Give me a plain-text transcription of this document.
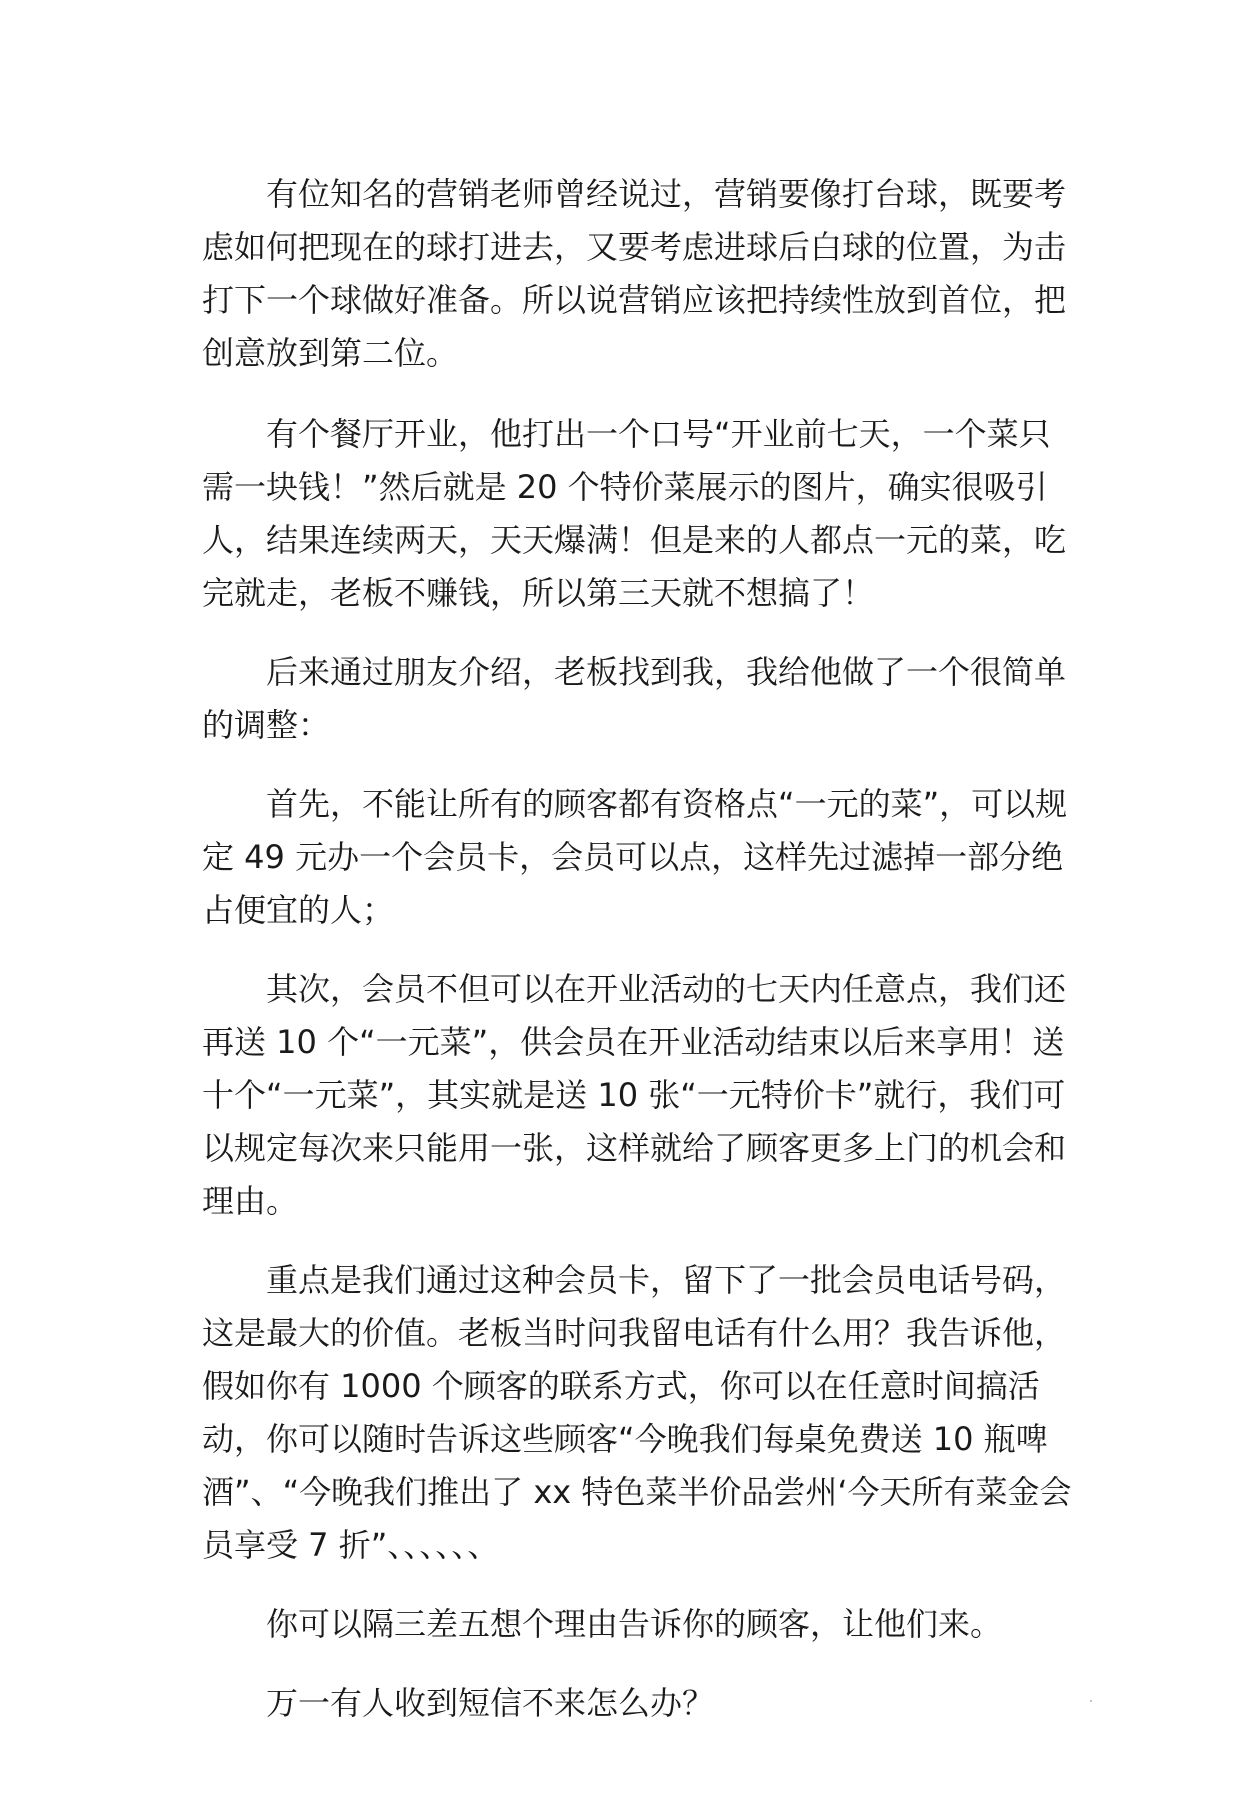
有位知名的营销老师曾经说过，营销要像打台球，既要考虑如何把现在的球打进去，又要考虑进球后白球的位置，为击打下一个球做好准备。所以说营销应该把持续性放到首位，把创意放到第二位。

有个餐厅开业，他打出一个口号“开业前七天，一个菜只需一块钱！”然后就是 20 个特价菜展示的图片，确实很吸引人，结果连续两天，天天爆满！但是来的人都点一元的菜，吃完就走，老板不赚钱，所以第三天就不想搞了！

后来通过朋友介绍，老板找到我，我给他做了一个很简单的调整：

首先，不能让所有的顾客都有资格点“一元的菜”，可以规定 49 元办一个会员卡，会员可以点，这样先过滤掉一部分绝占便宜的人；

其次，会员不但可以在开业活动的七天内任意点，我们还再送 10 个“一元菜”，供会员在开业活动结束以后来享用！送十个“一元菜”，其实就是送 10 张“一元特价卡”就行，我们可以规定每次来只能用一张，这样就给了顾客更多上门的机会和理由。

重点是我们通过这种会员卡，留下了一批会员电话号码，这是最大的价值。老板当时问我留电话有什么用？我告诉他，假如你有 1000 个顾客的联系方式，你可以在任意时间搞活动，你可以随时告诉这些顾客“今晚我们每桌免费送 10 瓶啤酒”、“今晚我们推出了 xx 特色菜半价品尝州‘今天所有菜金会员享受 7 折”、、、、、、

你可以隔三差五想个理由告诉你的顾客，让他们来。

万一有人收到短信不来怎么办？
